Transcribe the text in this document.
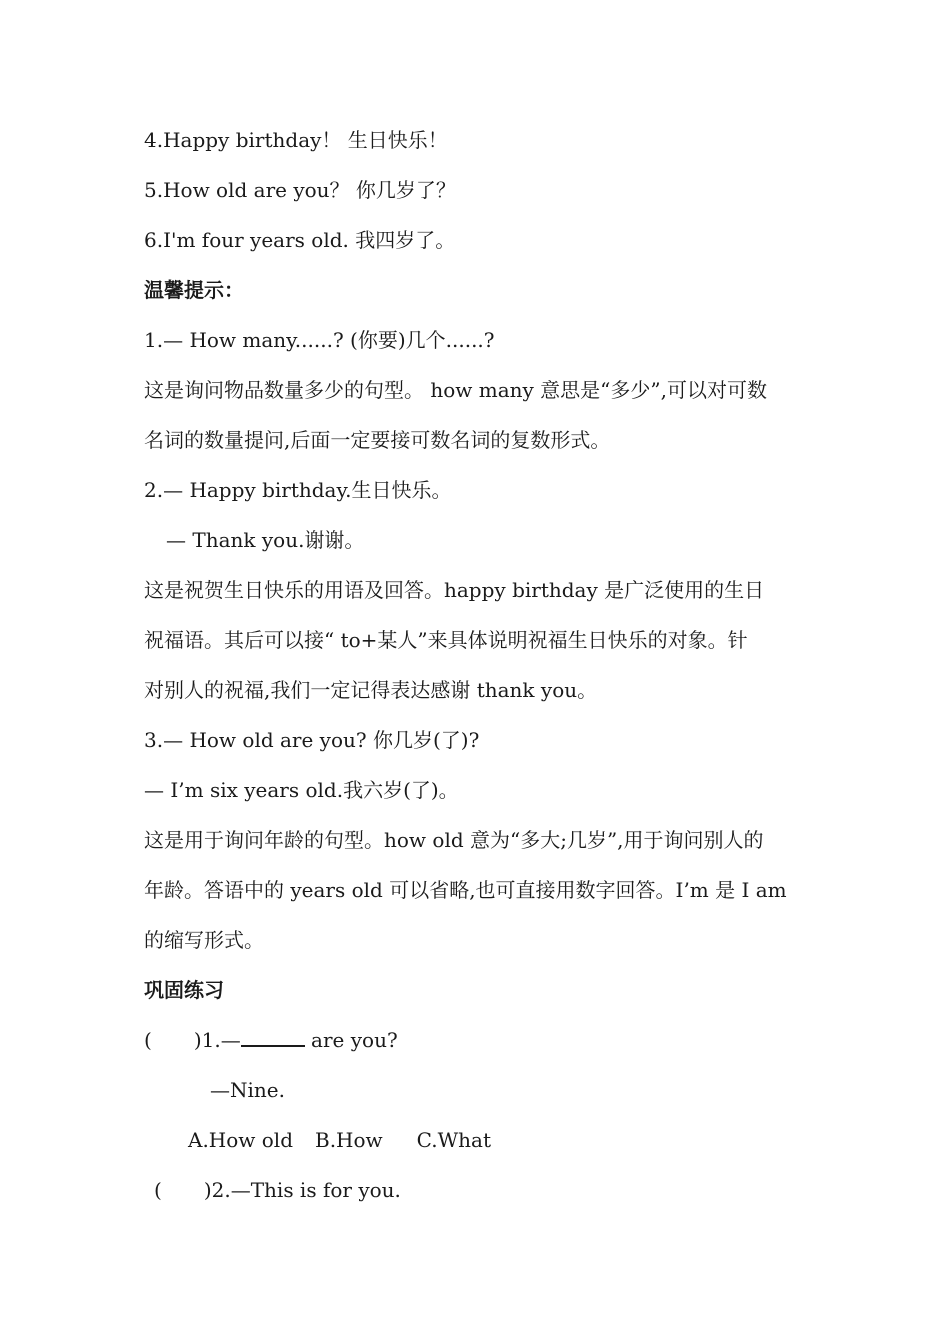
4.Happy birthday！ 生日快乐！
5.How old are you？ 你几岁了？
6.I'm four years old. 我四岁了。
温馨提示：
1.— How many......? (你要)几个......?
这是询问物品数量多少的句型。 how many 意思是“多少”,可以对可数
名词的数量提问,后面一定要接可数名词的复数形式。
2.— Happy birthday.生日快乐。
— Thank you.谢谢。
这是祝贺生日快乐的用语及回答。happy birthday 是广泛使用的生日
祝福语。其后可以接“ to+某人”来具体说明祝福生日快乐的对象。针
对别人的祝福,我们一定记得表达感谢 thank you。
3.— How old are you? 你几岁(了)?
— I’m six years old.我六岁(了)。
这是用于询问年龄的句型。how old 意为“多大;几岁”,用于询问别人的
年龄。答语中的 years old 可以省略,也可直接用数字回答。I’m 是 I am
的缩写形式。
巩固练习
( )1.—	are you?
—Nine.
A.How old B.How C.What
( )2.—This is for you.
